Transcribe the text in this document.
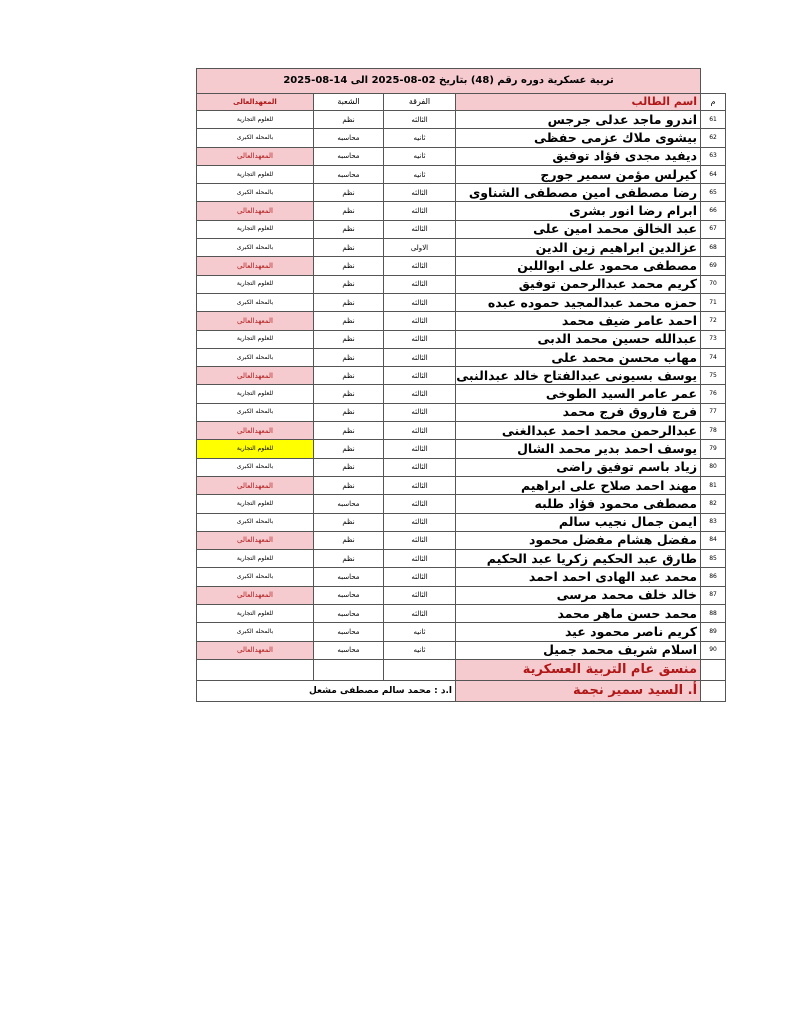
تربية عسكرية دوره رقم (48) بتاريخ 02-08-2025 الى 14-08-2025				
المعهدالعالى	الشعبة	الفرقة	اسم الطالب	م
للعلوم التجارية	نظم	الثالثه	اندرو ماجد عدلى جرجس	61
بالمحله الكبرى	محاسبه	ثانيه	بيشوى ملاك عزمى حفظى	62
المعهدالعالى	محاسبه	ثانيه	ديفيد مجدى فؤاد توفيق	63
للعلوم التجارية	محاسبه	ثانيه	كيرلس مؤمن سمير جورج	64
بالمحله الكبرى	نظم	الثالثه	رضا مصطفى امين مصطفى الشناوى	65
المعهدالعالى	نظم	الثالثه	ابرام رضا انور بشرى	66
للعلوم التجارية	نظم	الثالثه	عبد الخالق محمد امين على	67
بالمحله الكبرى	نظم	الاولى	عزالدين ابراهيم زين الدين	68
المعهدالعالى	نظم	الثالثه	مصطفى محمود على ابواللبن	69
للعلوم التجارية	نظم	الثالثه	كريم محمد عبدالرحمن توفيق	70
بالمحله الكبرى	نظم	الثالثه	حمزه محمد عبدالمجيد حموده عبده	71
المعهدالعالى	نظم	الثالثه	احمد عامر ضيف محمد	72
للعلوم التجارية	نظم	الثالثه	عبدالله حسين محمد الدبى	73
بالمحله الكبرى	نظم	الثالثه	مهاب محسن محمد على	74
المعهدالعالى	نظم	الثالثه	يوسف بسيونى عبدالفتاح خالد عبدالنبى	75
للعلوم التجارية	نظم	الثالثه	عمر عامر السيد الطوخى	76
بالمحله الكبرى	نظم	الثالثه	فرج فاروق فرج محمد	77
المعهدالعالى	نظم	الثالثه	عبدالرحمن محمد احمد عبدالغنى	78
للعلوم التجارية	نظم	الثالثه	يوسف احمد بدير محمد الشال	79
بالمحله الكبرى	نظم	الثالثه	زياد باسم توفيق راضى	80
المعهدالعالى	نظم	الثالثه	مهند احمد صلاح على ابراهيم	81
للعلوم التجارية	محاسبه	الثالثه	مصطفى محمود فؤاد طلبه	82
بالمحله الكبرى	نظم	الثالثه	ايمن جمال نجيب سالم	83
المعهدالعالى	نظم	الثالثه	مفضل هشام مفضل محمود	84
للعلوم التجارية	نظم	الثالثه	طارق عبد الحكيم زكريا عبد الحكيم	85
بالمحله الكبرى	محاسبه	الثالثه	محمد عبد الهادى احمد احمد	86
المعهدالعالى	محاسبه	الثالثه	خالد خلف محمد مرسى	87
للعلوم التجارية	محاسبه	الثالثه	محمد حسن ماهر محمد	88
بالمحله الكبرى	محاسبه	ثانيه	كريم ناصر محمود عيد	89
المعهدالعالى	محاسبه	ثانيه	اسلام شريف محمد جميل	90
			منسق عام التربية العسكرية	
ا.د : محمد سالم مصطفى مشعل			أ. السيد سمير نجمة	
